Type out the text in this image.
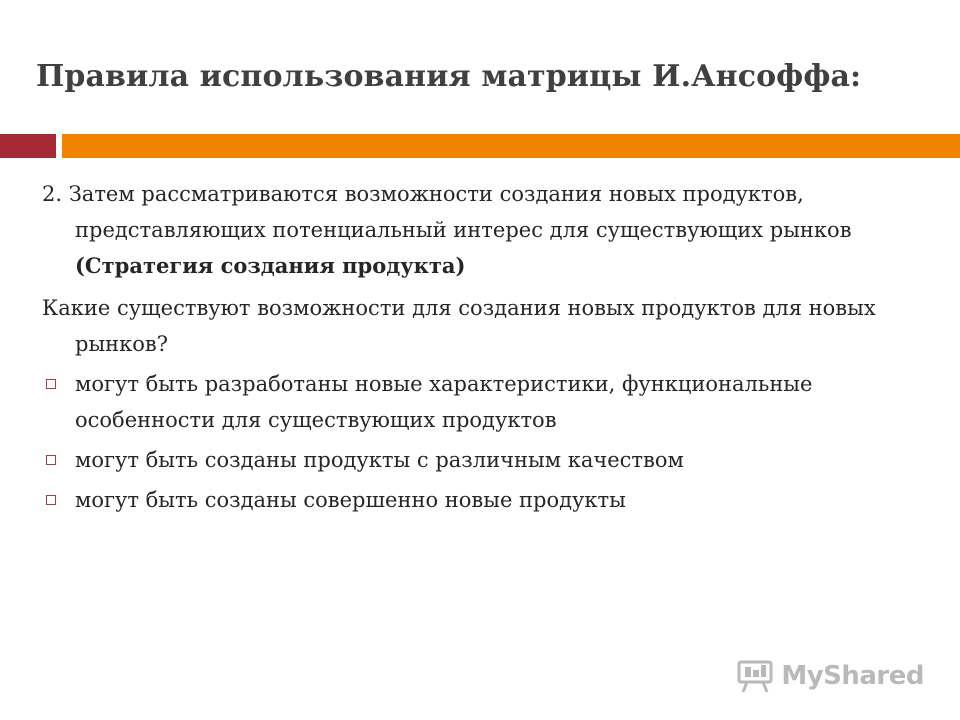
Правила использования матрицы И.Ансоффа:

2. Затем рассматриваются возможности создания новых продуктов, представляющих потенциальный интерес для существующих рынков (Стратегия создания продукта)

Какие существуют возможности для создания новых продуктов для новых рынков?

могут быть разработаны новые характеристики, функциональные особенности для существующих продуктов

могут быть созданы продукты с различным качеством

могут быть созданы совершенно новые продукты

MyShared
